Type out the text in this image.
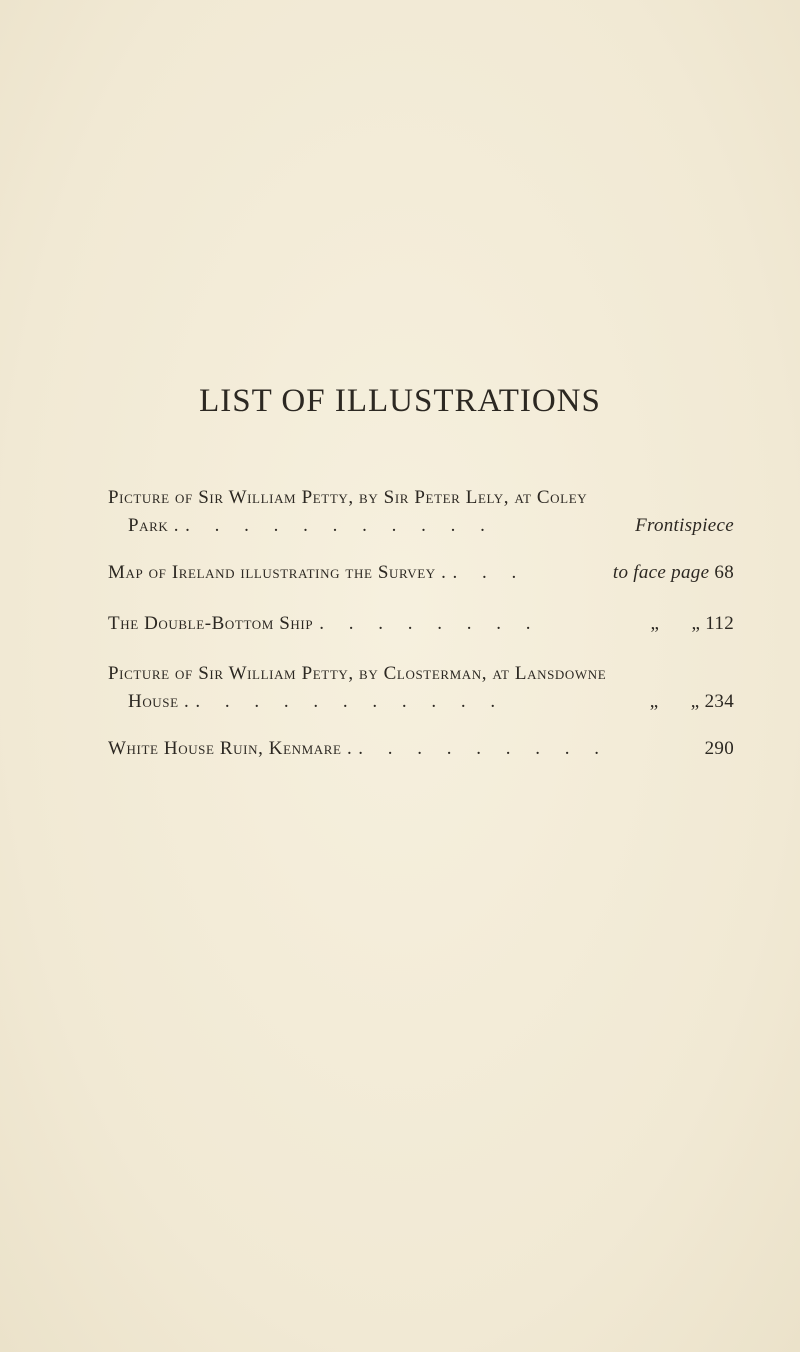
LIST OF ILLUSTRATIONS
Picture of Sir William Petty, by Sir Peter Lely, at Coley
Park . . . . . . . . . . . .	Frontispiece
Map of Ireland illustrating the Survey . . . .	to face page 68
The Double-Bottom Ship . . . . . . . .	„ „ 112
Picture of Sir William Petty, by Closterman, at Lansdowne
House . . . . . . . . . . . .	„ „ 234
White House Ruin, Kenmare . . . . . . . . . .	290
